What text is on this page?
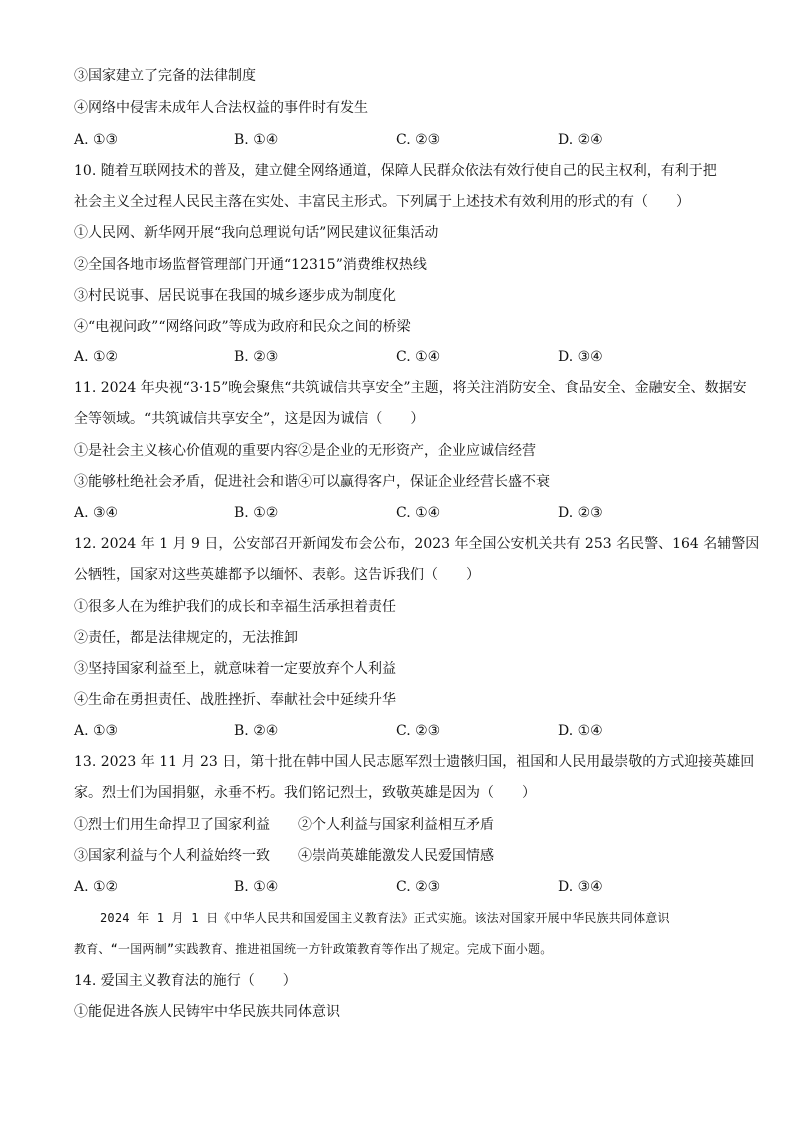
③国家建立了完备的法律制度
④网络中侵害未成年人合法权益的事件时有发生
A. ①③	B. ①④	C. ②③	D. ②④
10. 随着互联网技术的普及，建立健全网络通道，保障人民群众依法有效行使自己的民主权利，有利于把
社会主义全过程人民民主落在实处、丰富民主形式。下列属于上述技术有效利用的形式的有（　　）
①人民网、新华网开展“我向总理说句话”网民建议征集活动
②全国各地市场监督管理部门开通“12315”消费维权热线
③村民说事、居民说事在我国的城乡逐步成为制度化
④“电视问政”“网络问政”等成为政府和民众之间的桥梁
A. ①②	B. ②③	C. ①④	D. ③④
11. 2024 年央视“3·15”晚会聚焦“共筑诚信共享安全”主题，将关注消防安全、食品安全、金融安全、数据安
全等领域。“共筑诚信共享安全”，这是因为诚信（　　）
①是社会主义核心价值观的重要内容②是企业的无形资产，企业应诚信经营
③能够杜绝社会矛盾，促进社会和谐④可以赢得客户，保证企业经营长盛不衰
A. ③④	B. ①②	C. ①④	D. ②③
12. 2024 年 1 月 9 日，公安部召开新闻发布会公布，2023 年全国公安机关共有 253 名民警、164 名辅警因
公牺牲，国家对这些英雄都予以缅怀、表彰。这告诉我们（　　）
①很多人在为维护我们的成长和幸福生活承担着责任
②责任，都是法律规定的，无法推卸
③坚持国家利益至上，就意味着一定要放弃个人利益
④生命在勇担责任、战胜挫折、奉献社会中延续升华
A. ①③	B. ②④	C. ②③	D. ①④
13. 2023 年 11 月 23 日，第十批在韩中国人民志愿军烈士遗骸归国，祖国和人民用最崇敬的方式迎接英雄回
家。烈士们为国捐躯，永垂不朽。我们铭记烈士，致敬英雄是因为（　　）
①烈士们用生命捍卫了国家利益　　②个人利益与国家利益相互矛盾
③国家利益与个人利益始终一致　　④崇尚英雄能激发人民爱国情感
A. ①②	B. ①④	C. ②③	D. ③④
2024 年 1 月 1 日《中华人民共和国爱国主义教育法》正式实施。该法对国家开展中华民族共同体意识
教育、“一国两制”实践教育、推进祖国统一方针政策教育等作出了规定。完成下面小题。
14. 爱国主义教育法的施行（　　）
①能促进各族人民铸牢中华民族共同体意识
